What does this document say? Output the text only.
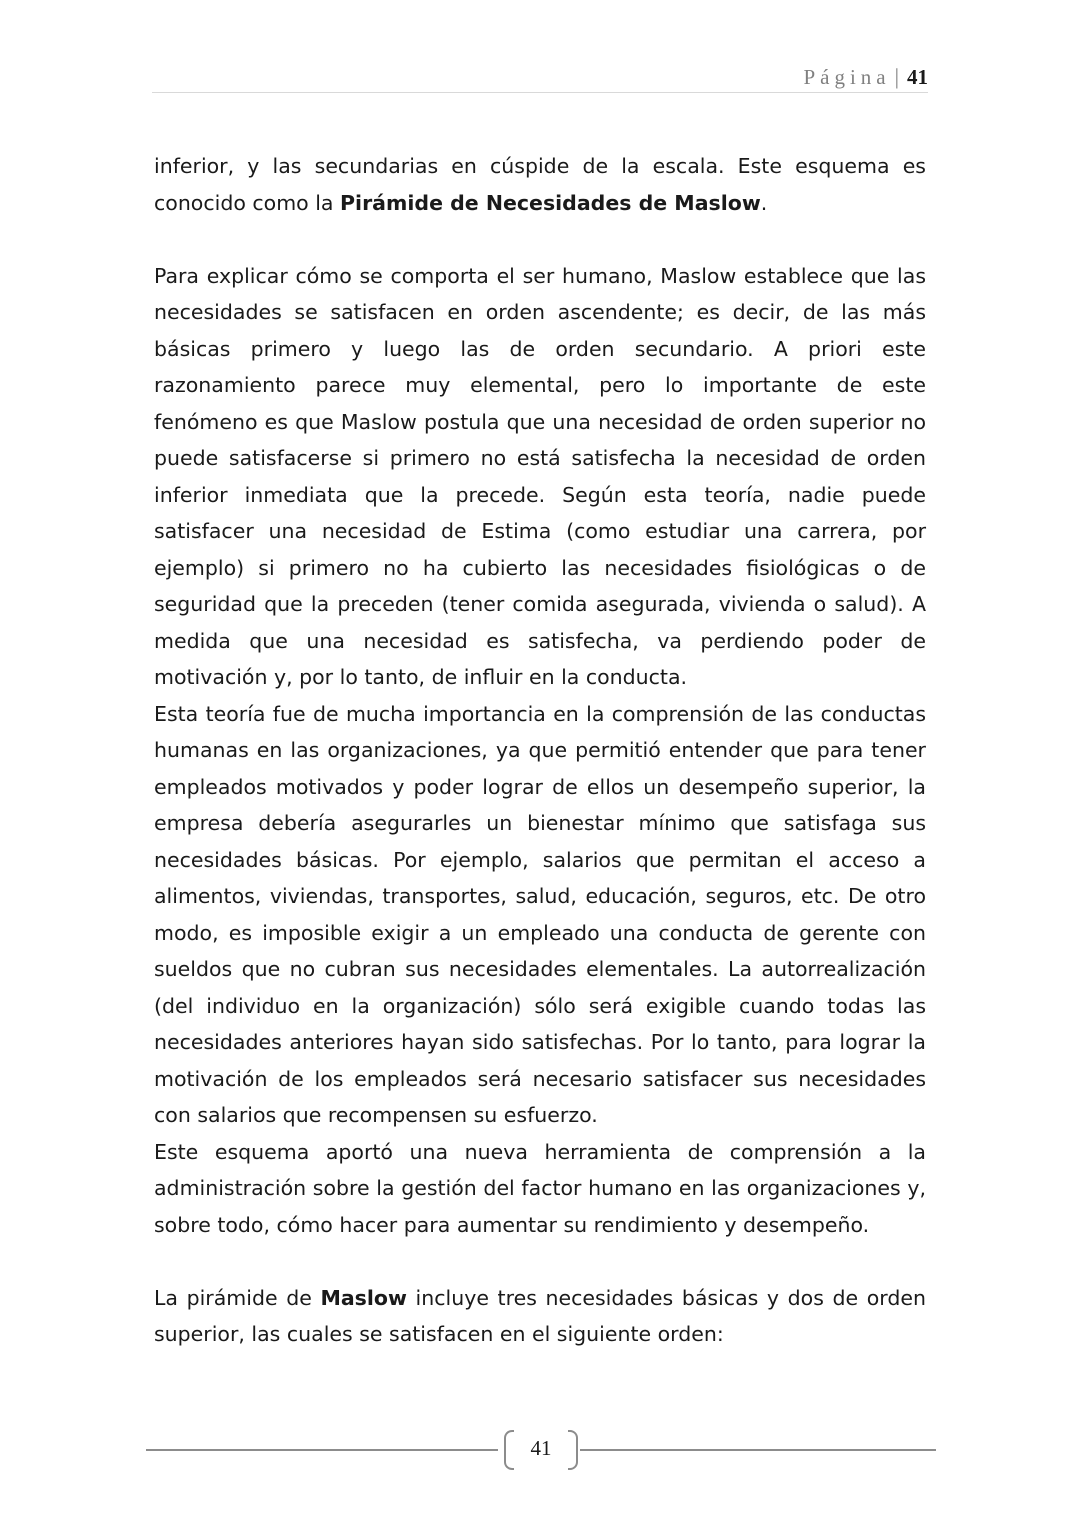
Página | 41

inferior, y las secundarias en cúspide de la escala. Este esquema es conocido como la Pirámide de Necesidades de Maslow.

Para explicar cómo se comporta el ser humano, Maslow establece que las necesidades se satisfacen en orden ascendente; es decir, de las más básicas primero y luego las de orden secundario. A priori este razonamiento parece muy elemental, pero lo importante de este fenómeno es que Maslow postula que una necesidad de orden superior no puede satisfacerse si primero no está satisfecha la necesidad de orden inferior inmediata que la precede. Según esta teoría, nadie puede satisfacer una necesidad de Estima (como estudiar una carrera, por ejemplo) si primero no ha cubierto las necesidades fisiológicas o de seguridad que la preceden (tener comida asegurada, vivienda o salud). A medida que una necesidad es satisfecha, va perdiendo poder de motivación y, por lo tanto, de influir en la conducta.

Esta teoría fue de mucha importancia en la comprensión de las conductas humanas en las organizaciones, ya que permitió entender que para tener empleados motivados y poder lograr de ellos un desempeño superior, la empresa debería asegurarles un bienestar mínimo que satisfaga sus necesidades básicas. Por ejemplo, salarios que permitan el acceso a alimentos, viviendas, transportes, salud, educación, seguros, etc. De otro modo, es imposible exigir a un empleado una conducta de gerente con sueldos que no cubran sus necesidades elementales. La autorrealización (del individuo en la organización) sólo será exigible cuando todas las necesidades anteriores hayan sido satisfechas. Por lo tanto, para lograr la motivación de los empleados será necesario satisfacer sus necesidades con salarios que recompensen su esfuerzo.

Este esquema aportó una nueva herramienta de comprensión a la administración sobre la gestión del factor humano en las organizaciones y, sobre todo, cómo hacer para aumentar su rendimiento y desempeño.

La pirámide de Maslow incluye tres necesidades básicas y dos de orden superior, las cuales se satisfacen en el siguiente orden:

41
